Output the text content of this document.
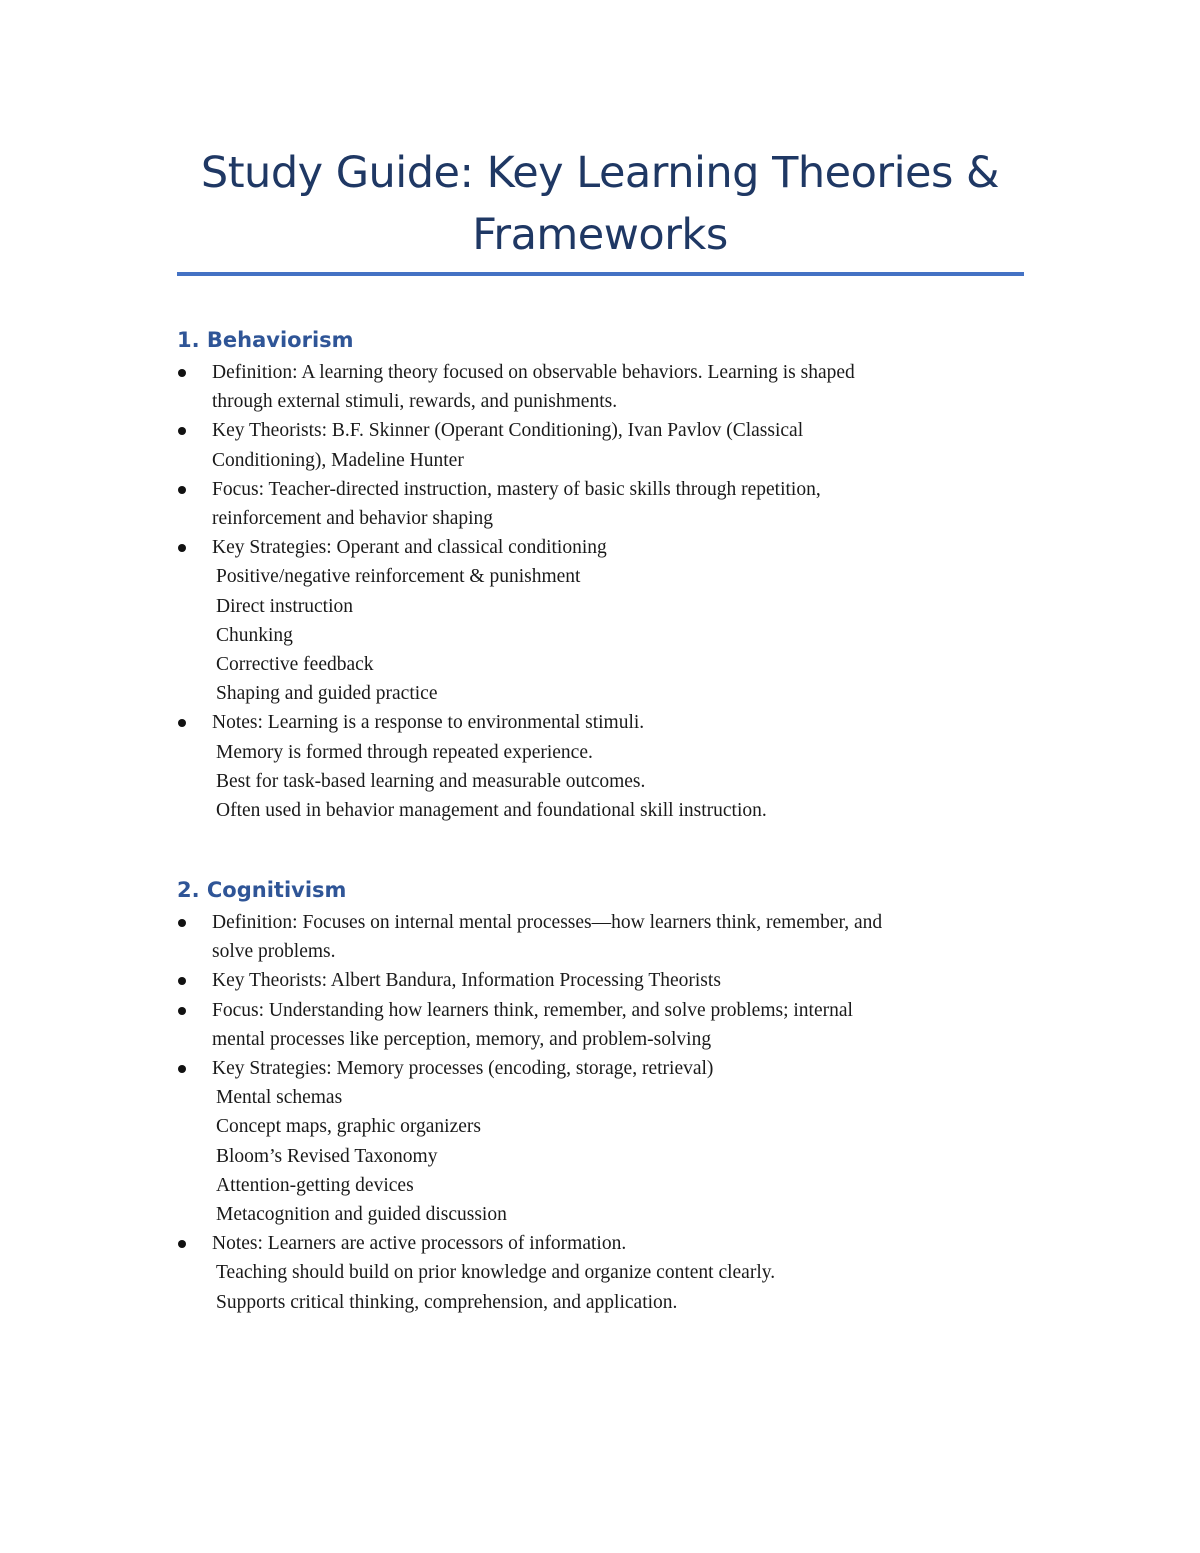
Study Guide: Key Learning Theories &
Frameworks
1. Behaviorism
Definition: A learning theory focused on observable behaviors. Learning is shaped
through external stimuli, rewards, and punishments.
Key Theorists: B.F. Skinner (Operant Conditioning), Ivan Pavlov (Classical
Conditioning), Madeline Hunter
Focus: Teacher-directed instruction, mastery of basic skills through repetition,
reinforcement and behavior shaping
Key Strategies: Operant and classical conditioning
Positive/negative reinforcement & punishment
Direct instruction
Chunking
Corrective feedback
Shaping and guided practice
Notes: Learning is a response to environmental stimuli.
Memory is formed through repeated experience.
Best for task-based learning and measurable outcomes.
Often used in behavior management and foundational skill instruction.
2. Cognitivism
Definition: Focuses on internal mental processes—how learners think, remember, and
solve problems.
Key Theorists: Albert Bandura, Information Processing Theorists
Focus: Understanding how learners think, remember, and solve problems; internal
mental processes like perception, memory, and problem-solving
Key Strategies: Memory processes (encoding, storage, retrieval)
Mental schemas
Concept maps, graphic organizers
Bloom’s Revised Taxonomy
Attention-getting devices
Metacognition and guided discussion
Notes: Learners are active processors of information.
Teaching should build on prior knowledge and organize content clearly.
Supports critical thinking, comprehension, and application.
